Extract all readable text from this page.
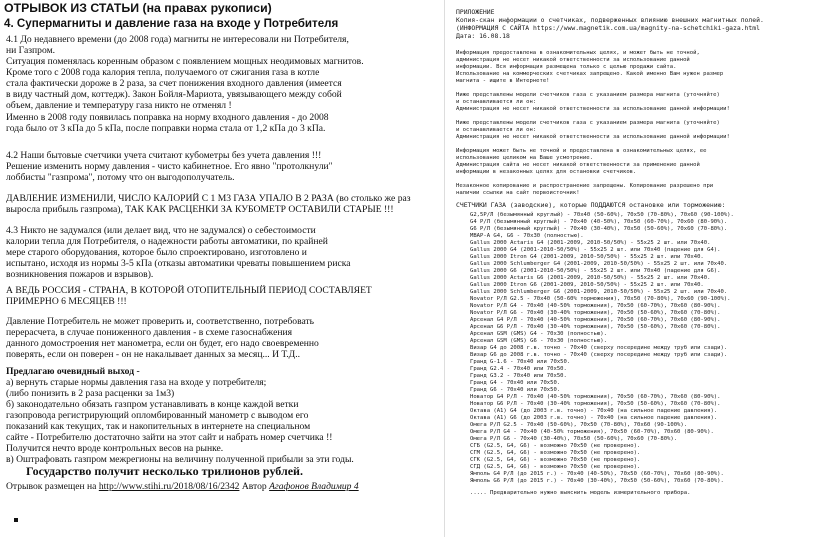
ОТРЫВОК ИЗ СТАТЬИ (на правах рукописи)
4. Супермагниты и давление газа на входе у Потребителя
4.1 До недавнего времени (до 2008 года) магниты не интересовали ни Потребителя,
ни Газпром.
Ситуация поменялась коренным образом с появлением мощных неодимовых магнитов.
Кроме того с 2008 года калория тепла, получаемого от сжигания газа в котле
стала фактически дороже в 2 раза, за счет понижения входного давления (имеется
в виду частный дом, коттедж). Закон Бойля-Мариота, увязывающего между собой
объем, давление и температуру газа никто не отменял !
Именно в 2008 году появилась поправка на норму входного давления - до 2008
года было от 3 кПа до 5 кПа, после поправки норма стала от 1,2 кПа до 3 кПа.
4.2 Наши бытовые счетчики учета считают кубометры без учета давления !!!
Решение изменить норму давления - чисто кабинетное. Его явно "протолкнули"
лоббисты "газпрома", потому что он выгодополучатель.
ДАВЛЕНИЕ ИЗМЕНИЛИ, ЧИСЛО КАЛОРИЙ С 1 М3 ГАЗА УПАЛО В 2 РАЗА (во столько же раз
выросла прибыль газпрома), ТАК КАК РАСЦЕНКИ ЗА КУБОМЕТР ОСТАВИЛИ СТАРЫЕ !!!
4.3 Никто не задумался (или делает вид, что не задумался) о себестоимости
калории тепла для Потребителя, о надежности работы автоматики, по крайней
мере старого оборудования, которое было спроектировано, изготовлено и
испытано, исходя из нормы 3-5 кПа (отказы автоматики чреваты повышением риска
возникновения пожаров и взрывов).
А ВЕДЬ РОССИЯ - СТРАНА, В КОТОРОЙ ОТОПИТЕЛЬНЫЙ ПЕРИОД СОСТАВЛЯЕТ
ПРИМЕРНО 6 МЕСЯЦЕВ !!!
Давление Потребитель не может проверить и, соответственно, потребовать
перерасчета, в случае пониженного давления - в схеме газоснабжения
данного домостроения нет манометра, если он будет, его надо своевременно
поверять, если он поверен - он не накалывает данных за месяц... И Т.Д..
Предлагаю очевидный выход -
а) вернуть старые нормы давления газа на входе у потребителя;
(либо понизить в 2 раза расценки за 1м3)
б) законодательно обязать газпром устанавливать в конце каждой ветки
газопровода регистрирующий опломбированный манометр с выводом его
показаний как текущих, так и накопительных в интернете на специальном
сайте - Потребителю достаточно зайти на этот сайт и набрать номер счетчика !!
Получится нечто вроде контрольных весов на рынке.
в) Оштрафовать газпром межрегионы на величину полученной прибыли за эти годы.
Государство получит несколько трилионов рублей.
Отрывок размещен на http://www.stihi.ru/2018/08/16/2342 Автор Агафонов Владимир 4
ПРИЛОЖЕНИЕ
Копия-скан информации о счетчиках, подверженных влиянию внешних магнитных полей.
(ИНФОРМАЦИЯ С САЙТА https://www.magnetik.com.ua/magnity-na-schetchiki-gaza.html
Дата: 16.08.18
Информация предоставлена в ознакомительных целях, и может быть не точной,
администрация не несет никакой ответственности за использование данной
информации. Вся информация размещена только с целью продажи сайта.
Использование на коммерческих счетчиках запрещено. Какой именно Вам нужен размер
магнита - ищите в Интернете!
Ниже представлены модели счетчиков газа с указанием размера магнита (уточняйте)
и останавливается ли он:
Администрация не несет никакой ответственности за использование данной информации!
Ниже представлены модели счетчиков газа с указанием размера магнита (уточняйте)
и останавливается ли он:
Администрация не несет никакой ответственности за использование данной информации!
Информация может быть не точной и предоставлена в ознакомительных целях, ее
использование целиком на Ваше усмотрение.
Администрация сайта не несет никакой ответственности за применение данной
информации в незаконных целях для остановки счетчиков.
Незаконное копирование и распространение запрещены. Копирование разрешено при
наличии ссылки на сайт первоисточник!
СЧЕТЧИКИ ГАЗА (заводские), которые ПОДДАЮТСЯ остановке или торможению:
G2,5Р/Л (безымянный круглый) - 70х40 (50-60%), 70х50 (70-80%), 70х60 (90-100%).
G4 Р/Л (безымянный круглый) - 70х40 (40-50%), 70х50 (60-70%), 70х60 (80-90%).
G6 Р/Л (безымянный круглый) - 70х40 (30-40%), 70х50 (50-60%), 70х60 (70-80%).
МВАР-А G4, G6 - 70х30 (полностью).
Gallus 2000 Actaris G4 (2001-2009, 2010-50/50%) - 55х25 2 шт. или 70х40.
Gallus 2000 G4 (2001-2010-50/50%) - 55х25 2 шт. или 70х40 (падение для G4).
Gallus 2000 Itron G4 (2001-2009, 2010-50/50%) - 55х25 2 шт. или 70х40.
Gallus 2000 Schlumberger G4 (2001-2009, 2010-50/50%) - 55х25 2 шт. или 70х40.
Gallus 2000 G6 (2001-2010-50/50%) - 55х25 2 шт. или 70х40 (падение для G6).
Gallus 2000 Actaris G6 (2001-2009, 2010-50/50%) - 55х25 2 шт. или 70х40.
Gallus 2000 Itron G6 (2001-2009, 2010-50/50%) - 55х25 2 шт. или 70х40.
Gallus 2000 Schlumberger G6 (2001-2009, 2010-50/50%) - 55х25 2 шт. или 70х40.
Novator Р/Л G2.5 - 70х40 (50-60% торможения), 70х50 (70-80%), 70х60 (90-100%).
Novator Р/Л G4 - 70х40 (40-50% торможения), 70х50 (60-70%), 70х60 (80-90%).
Novator Р/Л G6 - 70х40 (30-40% торможения), 70х50 (50-60%), 70х60 (70-80%).
Арсенал G4 Р/Л - 70х40 (40-50% торможения), 70х50 (60-70%), 70х60 (80-90%).
Арсенал G6 Р/Л - 70х40 (30-40% торможения), 70х50 (50-60%), 70х60 (70-80%).
Арсенал GSM (GMS) G4 - 70х30 (полностью).
Арсенал GSM (GMS) G6 - 70х30 (полностью).
Визар G4 до 2008 г.в. точно - 70х40 (сверху посередине между труб или сзади).
Визар G6 до 2008 г.в. точно - 70х40 (сверху посередине между труб или сзади).
Гранд G-1.6 - 70х40 или 70х50.
Гранд G2.4 - 70х40 или 70х50.
Гранд G3.2 - 70х40 или 70х50.
Гранд G4 - 70х40 или 70х50.
Гранд G6 - 70х40 или 70х50.
Новатор G4 Р/Л - 70х40 (40-50% торможения), 70х50 (60-70%), 70х60 (80-90%).
Новатор G6 Р/Л - 70х40 (30-40% торможения), 70х50 (50-60%), 70х60 (70-80%).
Октава (А1) G4 (до 2003 г.в. точно) - 70х40 (на сильное падение давления).
Октава (А1) G6 (до 2003 г.в. точно) - 70х40 (на сильное падение давления).
Омега Р/Л G2.5 - 70х40 (50-60%), 70х50 (70-80%), 70х60 (90-100%).
Омега Р/Л G4 - 70х40 (40-50% торможения), 70х50 (60-70%), 70х60 (80-90%).
Омега Р/Л G6 - 70х40 (30-40%), 70х50 (50-60%), 70х60 (70-80%).
СГБ (G2.5, G4, G6) - возможно 70х50 (не проверено).
СГМ (G2.5, G4, G6) - возможно 70х50 (не проверено).
СГК (G2.5, G4, G6) - возможно 70х50 (не проверено).
СГД (G2.5, G4, G6) - возможно 70х50 (не проверено).
Ямполь G4 Р/Л (до 2015 г.) - 70х40 (40-50%), 70х50 (60-70%), 70х60 (80-90%).
Ямполь G6 Р/Л (до 2015 г.) - 70х40 (30-40%), 70х50 (50-60%), 70х60 (70-80%).
..... Предварительно нужно выяснить модель измерительного прибора.
